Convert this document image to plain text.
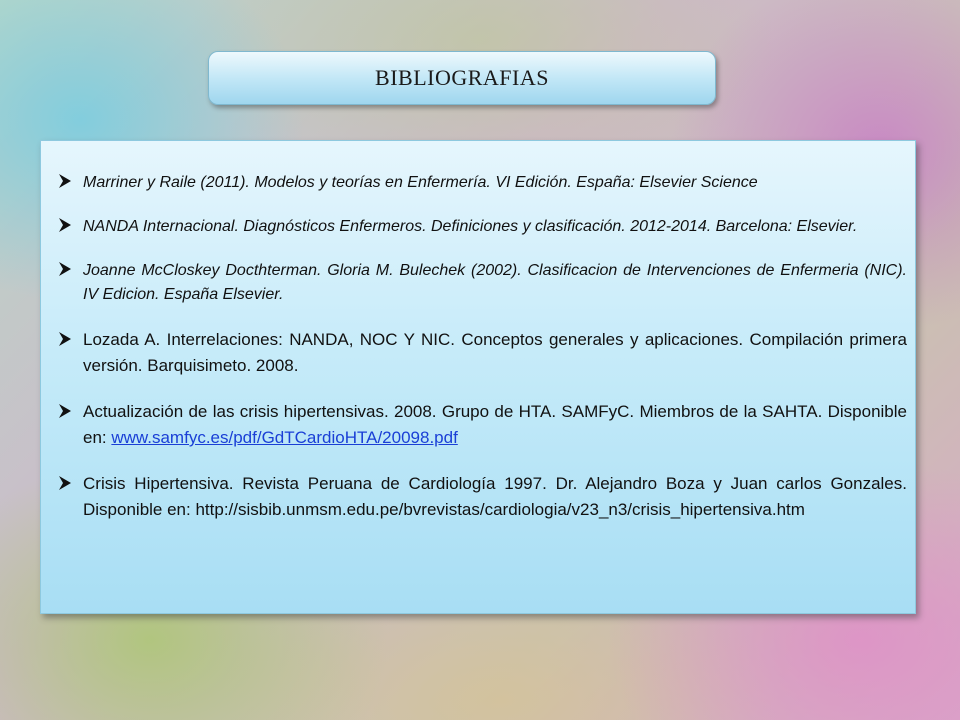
BIBLIOGRAFIAS
Marriner y Raile (2011). Modelos y teorías en Enfermería. VI Edición. España: Elsevier Science
NANDA Internacional. Diagnósticos Enfermeros. Definiciones y clasificación. 2012-2014. Barcelona: Elsevier.
Joanne McCloskey Docthterman. Gloria M. Bulechek (2002). Clasificacion de Intervenciones de Enfermeria (NIC). IV Edicion. España Elsevier.
Lozada A. Interrelaciones: NANDA, NOC Y NIC. Conceptos generales y aplicaciones. Compilación primera versión. Barquisimeto. 2008.
Actualización de las crisis hipertensivas. 2008. Grupo de HTA. SAMFyC. Miembros de la SAHTA. Disponible en: www.samfyc.es/pdf/GdTCardioHTA/20098.pdf
Crisis Hipertensiva. Revista Peruana de Cardiología 1997. Dr. Alejandro Boza y Juan carlos Gonzales. Disponible en: http://sisbib.unmsm.edu.pe/bvrevistas/cardiologia/v23_n3/crisis_hipertensiva.htm
